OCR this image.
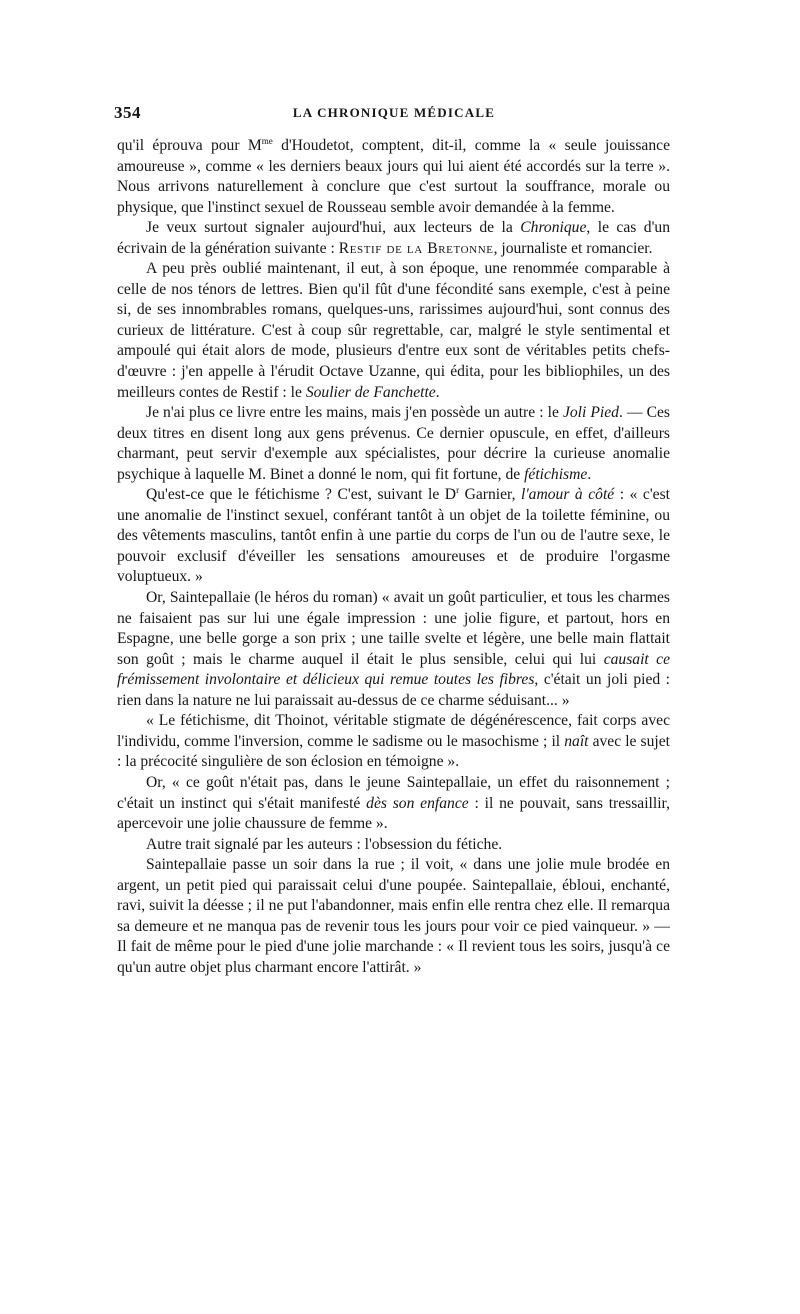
354	LA CHRONIQUE MÉDICALE

qu'il éprouva pour $M^{me}$ d'Houdetot, comptent, dit-il, comme la « seule jouissance amoureuse », comme « les derniers beaux jours qui lui aient été accordés sur la terre ». Nous arrivons naturellement à conclure que c'est surtout la souffrance, morale ou physique, que l'instinct sexuel de Rousseau semble avoir demandée à la femme.

Je veux surtout signaler aujourd'hui, aux lecteurs de la Chronique, le cas d'un écrivain de la génération suivante : Restif de la Bretonne, journaliste et romancier.

A peu près oublié maintenant, il eut, à son époque, une renommée comparable à celle de nos ténors de lettres. Bien qu'il fût d'une fécondité sans exemple, c'est à peine si, de ses innombrables romans, quelques-uns, rarissimes aujourd'hui, sont connus des curieux de littérature. C'est à coup sûr regrettable, car, malgré le style sentimental et ampoulé qui était alors de mode, plusieurs d'entre eux sont de véritables petits chefs-d'œuvre : j'en appelle à l'érudit Octave Uzanne, qui édita, pour les bibliophiles, un des meilleurs contes de Restif : le Soulier de Fanchette.

Je n'ai plus ce livre entre les mains, mais j'en possède un autre : le Joli Pied. — Ces deux titres en disent long aux gens prévenus. Ce dernier opuscule, en effet, d'ailleurs charmant, peut servir d'exemple aux spécialistes, pour décrire la curieuse anomalie psychique à laquelle M. Binet a donné le nom, qui fit fortune, de fétichisme.

Qu'est-ce que le fétichisme ? C'est, suivant le $D^r$ Garnier, l'amour à côté : « c'est une anomalie de l'instinct sexuel, conférant tantôt à un objet de la toilette féminine, ou des vêtements masculins, tantôt enfin à une partie du corps de l'un ou de l'autre sexe, le pouvoir exclusif d'éveiller les sensations amoureuses et de produire l'orgasme voluptueux. »

Or, Saintepallaie (le héros du roman) « avait un goût particulier, et tous les charmes ne faisaient pas sur lui une égale impression : une jolie figure, et partout, hors en Espagne, une belle gorge a son prix ; une taille svelte et légère, une belle main flattait son goût ; mais le charme auquel il était le plus sensible, celui qui lui causait ce frémissement involontaire et délicieux qui remue toutes les fibres, c'était un joli pied : rien dans la nature ne lui paraissait au-dessus de ce charme séduisant... »

« Le fétichisme, dit Thoinot, véritable stigmate de dégénérescence, fait corps avec l'individu, comme l'inversion, comme le sadisme ou le masochisme ; il naît avec le sujet : la précocité singulière de son éclosion en témoigne ».

Or, « ce goût n'était pas, dans le jeune Saintepallaie, un effet du raisonnement ; c'était un instinct qui s'était manifesté dès son enfance : il ne pouvait, sans tressaillir, apercevoir une jolie chaussure de femme ».

Autre trait signalé par les auteurs : l'obsession du fétiche.

Saintepallaie passe un soir dans la rue ; il voit, « dans une jolie mule brodée en argent, un petit pied qui paraissait celui d'une poupée. Saintepallaie, ébloui, enchanté, ravi, suivit la déesse ; il ne put l'abandonner, mais enfin elle rentra chez elle. Il remarqua sa demeure et ne manqua pas de revenir tous les jours pour voir ce pied vainqueur. » — Il fait de même pour le pied d'une jolie marchande : « Il revient tous les soirs, jusqu'à ce qu'un autre objet plus charmant encore l'attirât. »
